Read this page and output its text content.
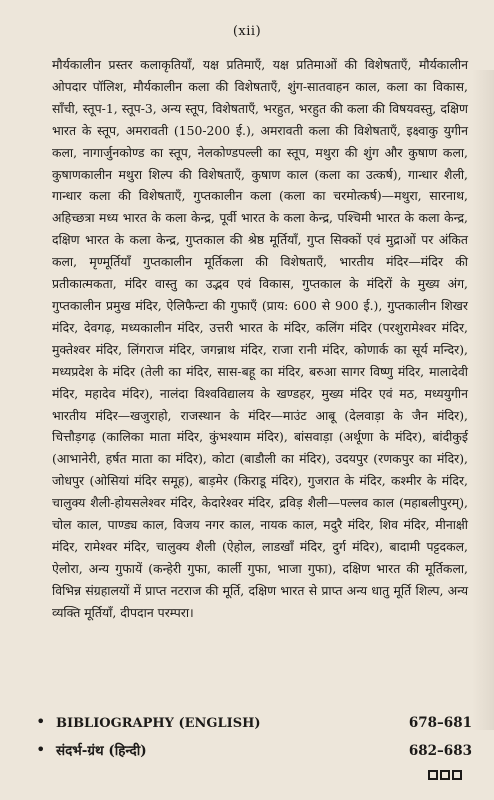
(xii)

मौर्यकालीन प्रस्तर कलाकृतियाँ, यक्ष प्रतिमाएँ, यक्ष प्रतिमाओं की विशेषताएँ, मौर्यकालीन ओपदार पॉलिश, मौर्यकालीन कला की विशेषताएँ, शुंग-सातवाहन काल, कला का विकास, साँची, स्तूप-1, स्तूप-3, अन्य स्तूप, विशेषताएँ, भरहुत, भरहुत की कला की विषयवस्तु, दक्षिण भारत के स्तूप, अमरावती (150-200 ई.), अमरावती कला की विशेषताएँ, इक्ष्वाकु युगीन कला, नागार्जुनकोण्ड का स्तूप, नेलकोण्डपल्ली का स्तूप, मथुरा की शुंग और कुषाण कला, कुषाणकालीन मथुरा शिल्प की विशेषताएँ, कुषाण काल (कला का उत्कर्ष), गान्धार शैली, गान्धार कला की विशेषताएँ, गुप्तकालीन कला (कला का चरमोत्कर्ष)—मथुरा, सारनाथ, अहिच्छत्रा मध्य भारत के कला केन्द्र, पूर्वी भारत के कला केन्द्र, पश्चिमी भारत के कला केन्द्र, दक्षिण भारत के कला केन्द्र, गुप्तकाल की श्रेष्ठ मूर्तियाँ, गुप्त सिक्कों एवं मुद्राओं पर अंकित कला, मृण्मूर्तियाँ गुप्तकालीन मूर्तिकला की विशेषताएँ, भारतीय मंदिर—मंदिर की प्रतीकात्मकता, मंदिर वास्तु का उद्भव एवं विकास, गुप्तकाल के मंदिरों के मुख्य अंग, गुप्तकालीन प्रमुख मंदिर, ऐलिफैन्टा की गुफाएँ (प्राय: 600 से 900 ई.), गुप्तकालीन शिखर मंदिर, देवगढ़, मध्यकालीन मंदिर, उत्तरी भारत के मंदिर, कलिंग मंदिर (परशुरामेश्वर मंदिर, मुक्तेश्वर मंदिर, लिंगराज मंदिर, जगन्नाथ मंदिर, राजा रानी मंदिर, कोणार्क का सूर्य मन्दिर), मध्यप्रदेश के मंदिर (तेली का मंदिर, सास-बहू का मंदिर, बरुआ सागर विष्णु मंदिर, मालादेवी मंदिर, महादेव मंदिर), नालंदा विश्वविद्यालय के खण्डहर, मुख्य मंदिर एवं मठ, मध्ययुगीन भारतीय मंदिर—खजुराहो, राजस्थान के मंदिर—माउंट आबू (देलवाड़ा के जैन मंदिर), चित्तौड़गढ़ (कालिका माता मंदिर, कुंभश्याम मंदिर), बांसवाड़ा (अर्थूणा के मंदिर), बांदीकुई (आभानेरी, हर्षत माता का मंदिर), कोटा (बाडौली का मंदिर), उदयपुर (रणकपुर का मंदिर), जोधपुर (ओसियां मंदिर समूह), बाड़मेर (किराडू मंदिर), गुजरात के मंदिर, कश्मीर के मंदिर, चालुक्य शैली-होयसलेश्वर मंदिर, केदारेश्वर मंदिर, द्रविड़ शैली—पल्लव काल (महाबलीपुरम्), चोल काल, पाण्ड्य काल, विजय नगर काल, नायक काल, मदुरै मंदिर, शिव मंदिर, मीनाक्षी मंदिर, रामेश्वर मंदिर, चालुक्य शैली (ऐहोल, लाडखाँ मंदिर, दुर्ग मंदिर), बादामी पट्टदकल, ऐलोरा, अन्य गुफायें (कन्हेरी गुफा, कार्ली गुफा, भाजा गुफा), दक्षिण भारत की मूर्तिकला, विभिन्न संग्रहालयों में प्राप्त नटराज की मूर्ति, दक्षिण भारत से प्राप्त अन्य धातु मूर्ति शिल्प, अन्य व्यक्ति मूर्तियाँ, दीपदान परम्परा।

• BIBLIOGRAPHY (ENGLISH)	678–681
• संदर्भ-ग्रंथ (हिन्दी)	682–683
